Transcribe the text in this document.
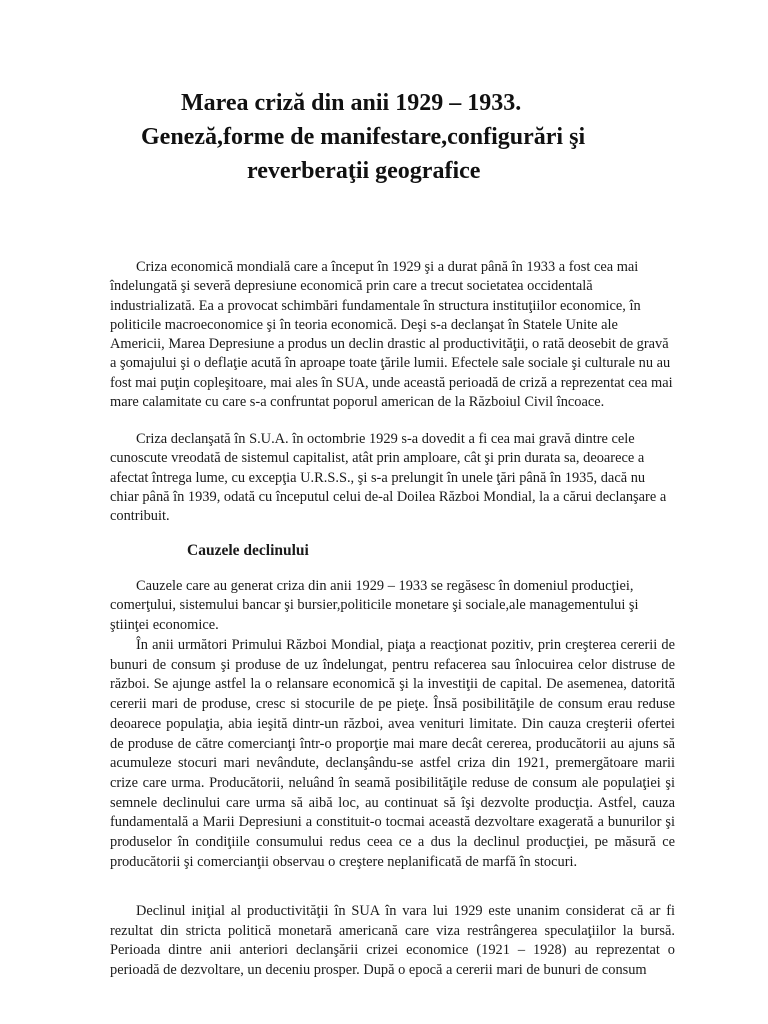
Marea criză din anii 1929 – 1933.
Geneză,forme de manifestare,configurări şi
reverberaţii geografice

Criza economică mondială care a început în 1929 şi a durat până în 1933 a fost cea mai îndelungată şi severă depresiune economică prin care a trecut societatea occidentală industrializată. Ea a provocat schimbări fundamentale în structura instituţiilor economice, în politicile macroeconomice şi în teoria economică. Deşi s-a declanşat în Statele Unite ale Americii, Marea Depresiune a produs un declin drastic al productivităţii, o rată deosebit de gravă a şomajului şi o deflaţie acută în aproape toate ţările lumii. Efectele sale sociale şi culturale nu au fost mai puţin copleşitoare, mai ales în SUA, unde această perioadă de criză a reprezentat cea mai mare calamitate cu care s-a confruntat poporul american de la Războiul Civil încoace.

Criza declanşată în S.U.A. în octombrie 1929 s-a dovedit a fi cea mai gravă dintre cele cunoscute vreodată de sistemul capitalist, atât prin amploare, cât şi prin durata sa, deoarece a afectat întrega lume, cu excepţia U.R.S.S., şi s-a prelungit în unele ţări până în 1935, dacă nu chiar până în 1939, odată cu începutul celui de-al Doilea Război Mondial, la a cărui declanşare a contribuit.

Cauzele declinului

Cauzele care au generat criza din anii 1929 – 1933 se regăsesc în domeniul producţiei, comerţului, sistemului bancar şi bursier,politicile monetare şi sociale,ale managementului şi ştiinţei economice.

În anii următori Primului Război Mondial, piaţa a reacţionat pozitiv, prin creşterea cererii de bunuri de consum şi produse de uz îndelungat, pentru refacerea sau înlocuirea celor distruse de război. Se ajunge astfel la o relansare economică şi la investiţii de capital. De asemenea, datorită cererii mari de produse, cresc si stocurile de pe pieţe. Însă posibilităţile de consum erau reduse deoarece populaţia, abia ieşită dintr-un război, avea venituri limitate. Din cauza creşterii ofertei de produse de către comercianţi într-o proporţie mai mare decât cererea, producătorii au ajuns să acumuleze stocuri mari nevândute, declanşându-se astfel criza din 1921, premergătoare marii crize care urma. Producătorii, neluând în seamă posibilităţile reduse de consum ale populaţiei şi semnele declinului care urma să aibă loc, au continuat să îşi dezvolte producţia. Astfel, cauza fundamentală a Marii Depresiuni a constituit-o tocmai această dezvoltare exagerată a bunurilor şi produselor în condiţiile consumului redus ceea ce a dus la declinul producţiei, pe măsură ce producătorii şi comercianţii observau o creştere neplanificată de marfă în stocuri.

Declinul iniţial al productivităţii în SUA în vara lui 1929 este unanim considerat că ar fi rezultat din stricta politică monetară americană care viza restrângerea speculaţiilor la bursă. Perioada dintre anii anteriori declanşării crizei economice (1921 – 1928) au reprezentat o perioadă de dezvoltare, un deceniu prosper. După o epocă a cererii mari de bunuri de consum
